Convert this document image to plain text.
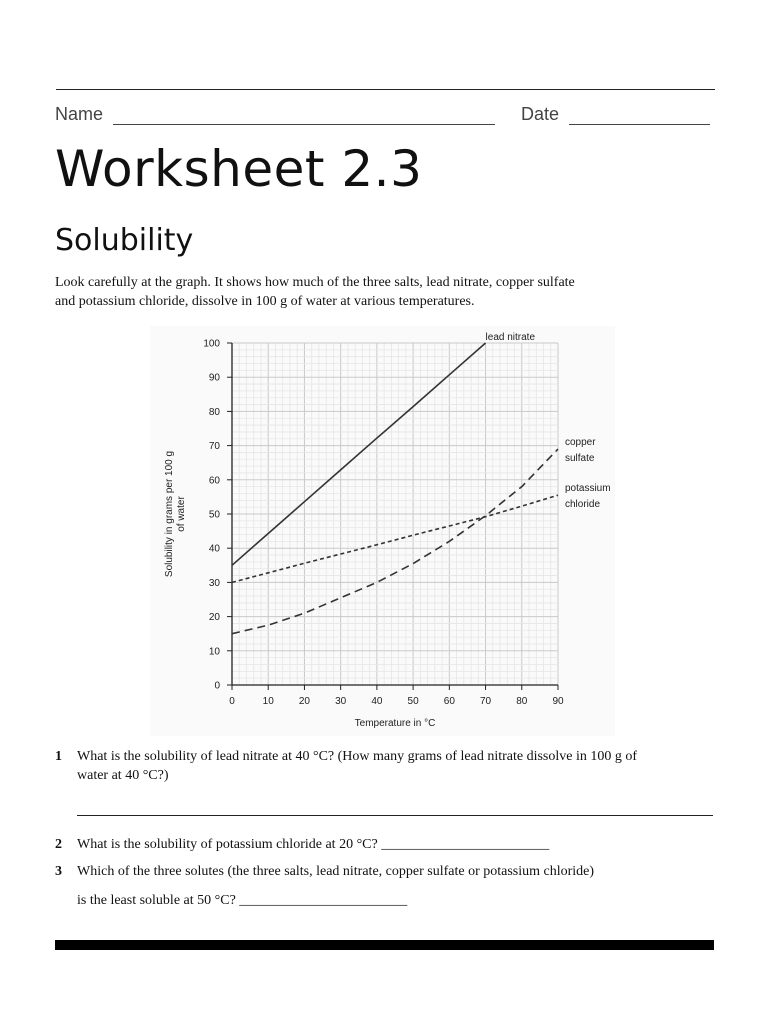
Name	Date
Worksheet 2.3
Solubility
Look carefully at the graph. It shows how much of the three salts, lead nitrate, copper sulfate
and potassium chloride, dissolve in 100 g of water at various temperatures.
0	10	20	30	40	50	60	70	80	90
0
10
20
30
40
50
60
70
80
90
100
Temperature in °C
Solubility in grams per 100 g of water
lead nitrate
copper
sulfate
potassium
chloride
1 What is the solubility of lead nitrate at 40 °C? (How many grams of lead nitrate dissolve in 100 g of
water at 40 °C?)
2 What is the solubility of potassium chloride at 20 °C? ________________________
3 Which of the three solutes (the three salts, lead nitrate, copper sulfate or potassium chloride)
is the least soluble at 50 °C? ________________________
